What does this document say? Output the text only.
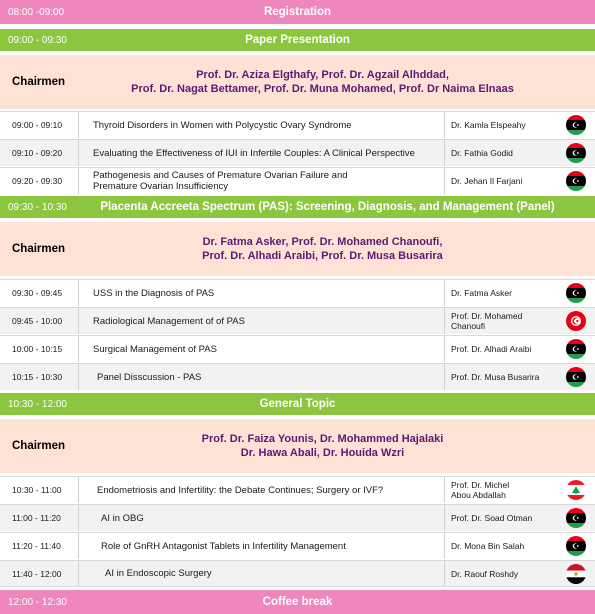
08:00 -09:00	Registration
09:00 - 09:30	Paper Presentation
Chairmen
Prof. Dr. Aziza Elgthafy, Prof. Dr. Agzail Alhddad,
Prof. Dr. Nagat Bettamer, Prof. Dr. Muna Mohamed, Prof. Dr Naima Elnaas
09:00 - 09:10	Thyroid Disorders in Women with Polycystic Ovary Syndrome	Dr. Kamla Elspeahy
09:10 - 09:20	Evaluating the Effectiveness of IUI in Infertile Couples: A Clinical Perspective	Dr. Fathia Godid
09:20 - 09:30	Pathogenesis and Causes of Premature Ovarian Failure and
Premature Ovarian Insufficiency	Dr. Jehan Il Farjani
09:30 - 10:30	Placenta Accreeta Spectrum (PAS): Screening, Diagnosis, and Management (Panel)
Chairmen
Dr. Fatma Asker, Prof. Dr. Mohamed Chanoufi,
Prof. Dr. Alhadi Araibi, Prof. Dr. Musa Busarira
09:30 - 09:45	USS in the Diagnosis of PAS	Dr. Fatma Asker
09:45 - 10:00	Radiological Management of of PAS	Prof. Dr. Mohamed
Chanoufi
10:00 - 10:15	Surgical Management of PAS	Prof. Dr. Alhadi Araibi
10:15 - 10:30	Panel Disscussion - PAS	Prof. Dr. Musa Busarira
10:30 - 12:00	General Topic
Chairmen
Prof. Dr. Faiza Younis, Dr. Mohammed Hajalaki
Dr. Hawa Abali, Dr. Houida Wzri
10:30 - 11:00	Endometriosis and Infertility: the Debate Continues; Surgery or IVF?	Prof. Dr. Michel
Abou Abdallah
11:00 - 11:20	AI in OBG	Prof. Dr. Soad Otman
11:20 - 11:40	Role of GnRH Antagonist Tablets in Infertility Management	Dr. Mona Bin Salah
11:40 - 12:00	AI in Endoscopic Surgery	Dr. Raouf Roshdy
12:00 - 12:30	Coffee break
